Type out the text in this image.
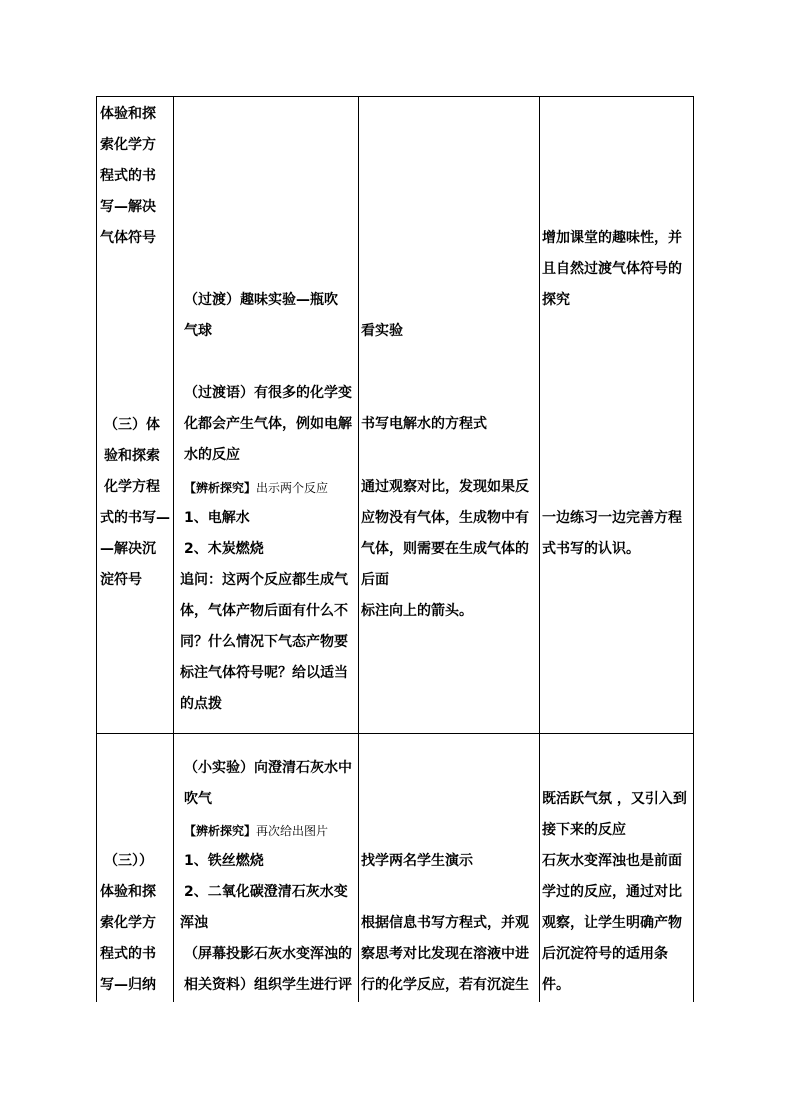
体验和探
索化学方
程式的书
写—解决
气体符号
（三）体
验和探索
化学方程
式的书写—
—解决沉
淀符号
（过渡）趣味实验—瓶吹
气球
（过渡语）有很多的化学变
化都会产生气体，例如电解
水的反应
【辨析探究】出示两个反应
1、电解水
2、木炭燃烧
追问：这两个反应都生成气
体，气体产物后面有什么不
同？什么情况下气态产物要
标注气体符号呢？给以适当
的点拨
看实验
书写电解水的方程式
通过观察对比，发现如果反
应物没有气体，生成物中有
气体，则需要在生成气体的
后面
标注向上的箭头。
增加课堂的趣味性，并
且自然过渡气体符号的
探究
一边练习一边完善方程
式书写的认识。
（三））
体验和探
索化学方
程式的书
写—归纳
（小实验）向澄清石灰水中
吹气
【辨析探究】再次给出图片
1、铁丝燃烧
2、二氧化碳澄清石灰水变
浑浊
（屏幕投影石灰水变浑浊的
相关资料）组织学生进行评
找学两名学生演示
根据信息书写方程式，并观
察思考对比发现在溶液中进
行的化学反应，若有沉淀生
既活跃气氛 ，又引入到
接下来的反应
石灰水变浑浊也是前面
学过的反应，通过对比
观察，让学生明确产物
后沉淀符号的适用条
件。
